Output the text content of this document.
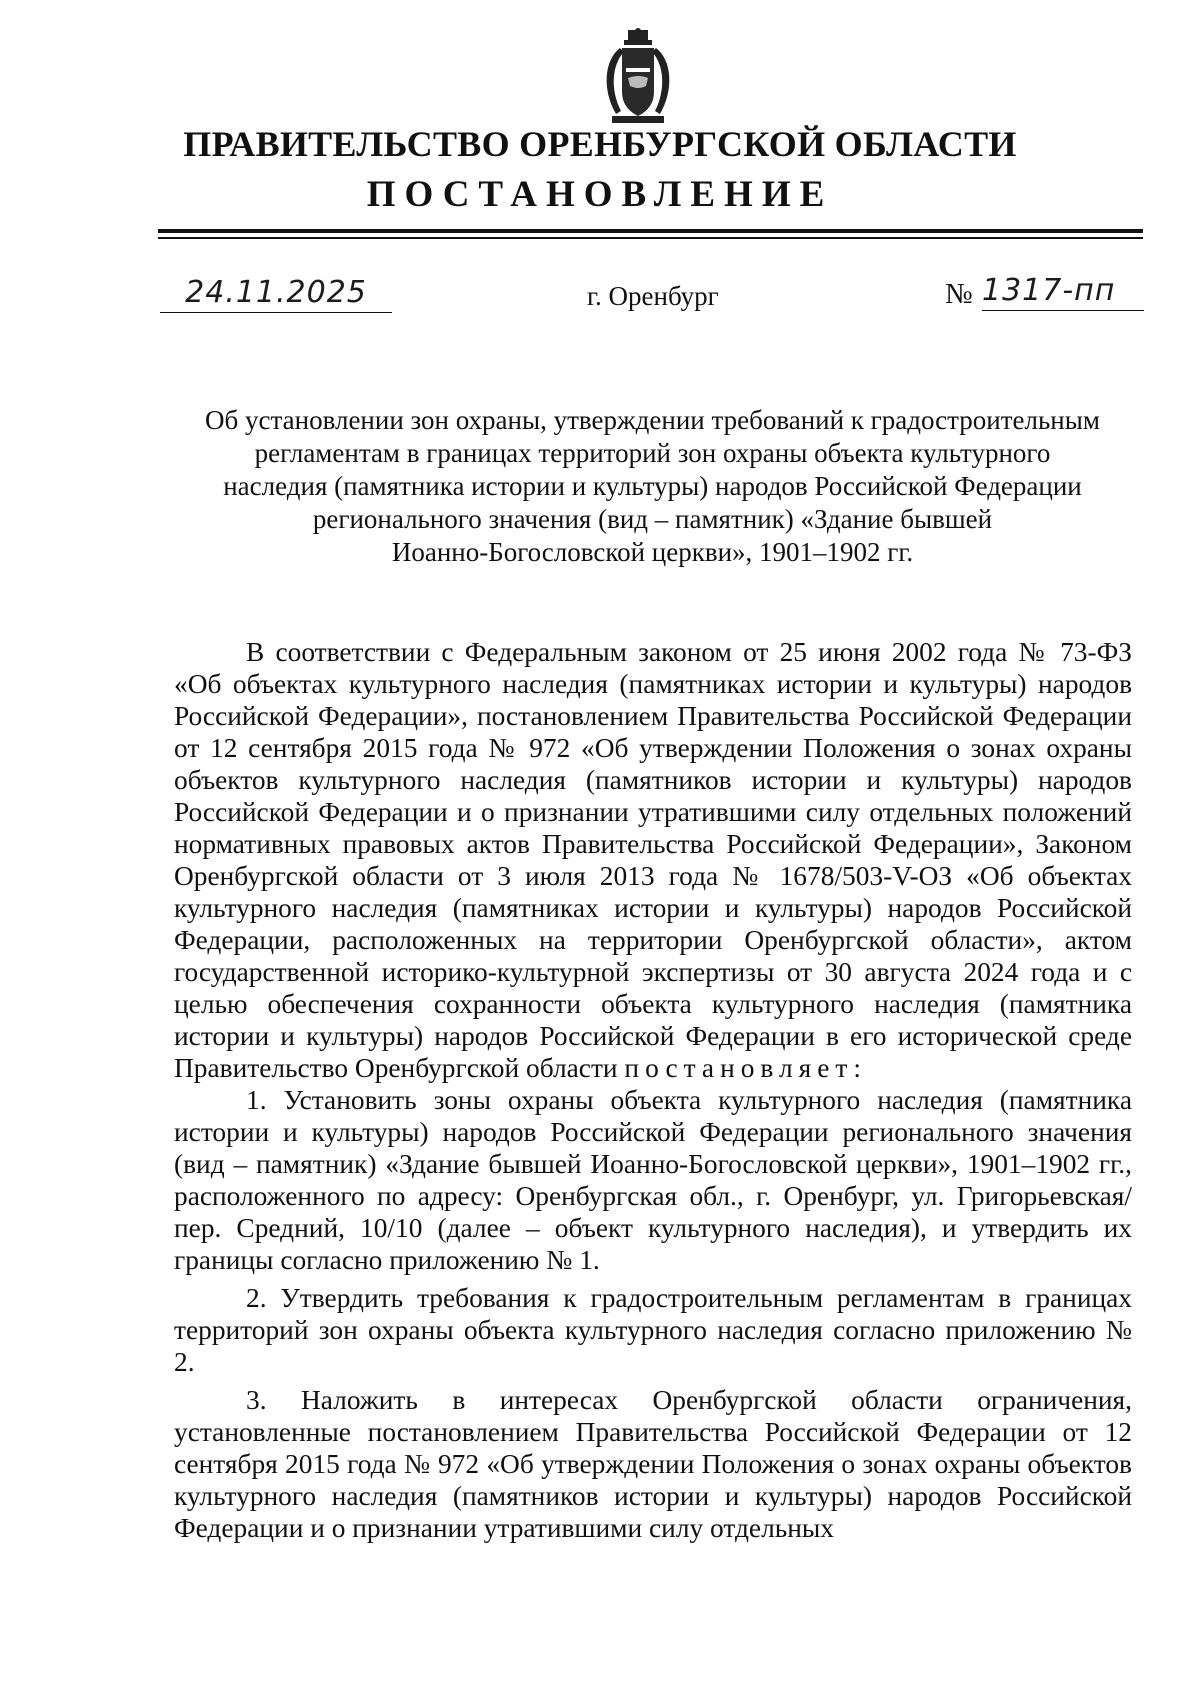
ПРАВИТЕЛЬСТВО ОРЕНБУРГСКОЙ ОБЛАСТИ
ПОСТАНОВЛЕНИЕ
24.11.2025	г. Оренбург	№ 1317-пп
Об установлении зон охраны, утверждении требований к градостроительным
регламентам в границах территорий зон охраны объекта культурного
наследия (памятника истории и культуры) народов Российской Федерации
регионального значения (вид – памятник) «Здание бывшей
Иоанно-Богословской церкви», 1901–1902 гг.

В соответствии с Федеральным законом от 25 июня 2002 года № 73-ФЗ «Об объектах культурного наследия (памятниках истории и культуры) народов Российской Федерации», постановлением Правительства Российской Федерации от 12 сентября 2015 года № 972 «Об утверждении Положения о зонах охраны объектов культурного наследия (памятников истории и культуры) народов Российской Федерации и о признании утратившими силу отдельных положений нормативных правовых актов Правительства Российской Федерации», Законом Оренбургской области от 3 июля 2013 года № 1678/503-V-ОЗ «Об объектах культурного наследия (памятниках истории и культуры) народов Российской Федерации, расположенных на территории Оренбургской области», актом государственной историко-культурной экспертизы от 30 августа 2024 года и с целью обеспечения сохранности объекта культурного наследия (памятника истории и культуры) народов Российской Федерации в его исторической среде Правительство Оренбургской области постановляет:

1. Установить зоны охраны объекта культурного наследия (памятника истории и культуры) народов Российской Федерации регионального значения (вид – памятник) «Здание бывшей Иоанно-Богословской церкви», 1901–1902 гг., расположенного по адресу: Оренбургская обл., г. Оренбург, ул. Григорьевская/пер. Средний, 10/10 (далее – объект культурного наследия), и утвердить их границы согласно приложению № 1.

2. Утвердить требования к градостроительным регламентам в границах территорий зон охраны объекта культурного наследия согласно приложению № 2.

3. Наложить в интересах Оренбургской области ограничения, установленные постановлением Правительства Российской Федерации от 12 сентября 2015 года № 972 «Об утверждении Положения о зонах охраны объектов культурного наследия (памятников истории и культуры) народов Российской Федерации и о признании утратившими силу отдельных
